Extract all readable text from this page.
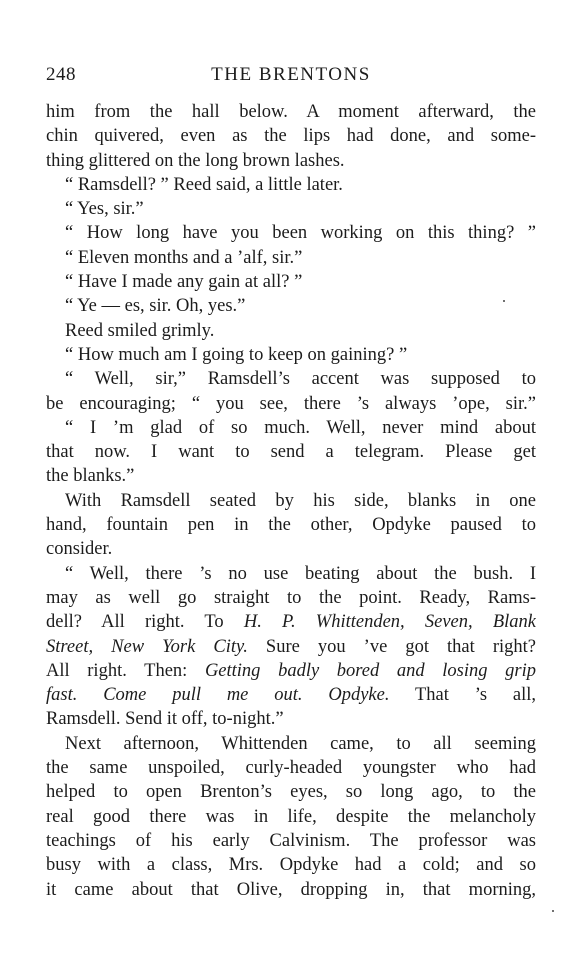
248	THE BRENTONS
him from the hall below. A moment afterward, the
chin quivered, even as the lips had done, and some-
thing glittered on the long brown lashes.
“ Ramsdell? ” Reed said, a little later.
“ Yes, sir.”
“ How long have you been working on this thing? ”
“ Eleven months and a ’alf, sir.”
“ Have I made any gain at all? ”
“ Ye — es, sir. Oh, yes.”
Reed smiled grimly.
“ How much am I going to keep on gaining? ”
“ Well, sir,” Ramsdell’s accent was supposed to
be encouraging; “ you see, there ’s always ’ope, sir.”
“ I ’m glad of so much. Well, never mind about
that now. I want to send a telegram. Please get
the blanks.”
With Ramsdell seated by his side, blanks in one
hand, fountain pen in the other, Opdyke paused to
consider.
“ Well, there ’s no use beating about the bush. I
may as well go straight to the point. Ready, Rams-
dell? All right. To H. P. Whittenden, Seven, Blank
Street, New York City. Sure you ’ve got that right?
All right. Then: Getting badly bored and losing grip
fast. Come pull me out. Opdyke. That ’s all,
Ramsdell. Send it off, to-night.”
Next afternoon, Whittenden came, to all seeming
the same unspoiled, curly-headed youngster who had
helped to open Brenton’s eyes, so long ago, to the
real good there was in life, despite the melancholy
teachings of his early Calvinism. The professor was
busy with a class, Mrs. Opdyke had a cold; and so
it came about that Olive, dropping in, that morning,
